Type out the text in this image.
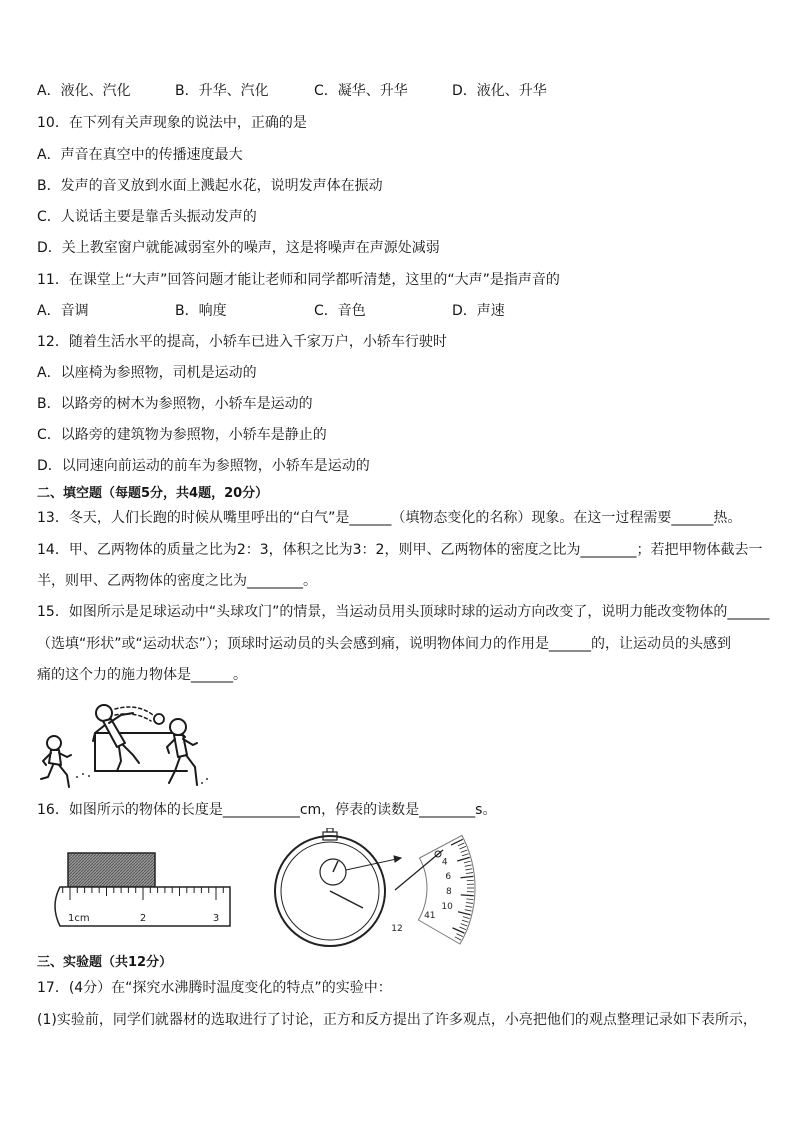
A．液化、汽化	B．升华、汽化	C．凝华、升华	D．液化、升华
10．在下列有关声现象的说法中，正确的是
A．声音在真空中的传播速度最大
B．发声的音叉放到水面上溅起水花，说明发声体在振动
C．人说话主要是靠舌头振动发声的
D．关上教室窗户就能减弱室外的噪声，这是将噪声在声源处减弱
11．在课堂上“大声”回答问题才能让老师和同学都听清楚，这里的“大声”是指声音的
A．音调	B．响度	C．音色	D．声速
12．随着生活水平的提高，小轿车已进入千家万户，小轿车行驶时
A．以座椅为参照物，司机是运动的
B．以路旁的树木为参照物，小轿车是运动的
C．以路旁的建筑物为参照物，小轿车是静止的
D．以同速向前运动的前车为参照物，小轿车是运动的
二、填空题（每题5分，共4题，20分）
13．冬天，人们长跑的时候从嘴里呼出的“白气”是______（填物态变化的名称）现象。在这一过程需要______热。
14．甲、乙两物体的质量之比为2：3，体积之比为3：2，则甲、乙两物体的密度之比为________；若把甲物体截去一
半，则甲、乙两物体的密度之比为________。
15．如图所示是足球运动中“头球攻门”的情景，当运动员用头顶球时球的运动方向改变了，说明力能改变物体的______
（选填“形状”或“运动状态”）；顶球时运动员的头会感到痛，说明物体间力的作用是______的，让运动员的头感到
痛的这个力的施力物体是______。
16．如图所示的物体的长度是___________cm，停表的读数是________s。
1cm	2	3
4
6
8
10
41
12
三、实验题（共12分）
17．(4分）在“探究水沸腾时温度变化的特点”的实验中：
(1)实验前，同学们就器材的选取进行了讨论，正方和反方提出了许多观点，小亮把他们的观点整理记录如下表所示，
